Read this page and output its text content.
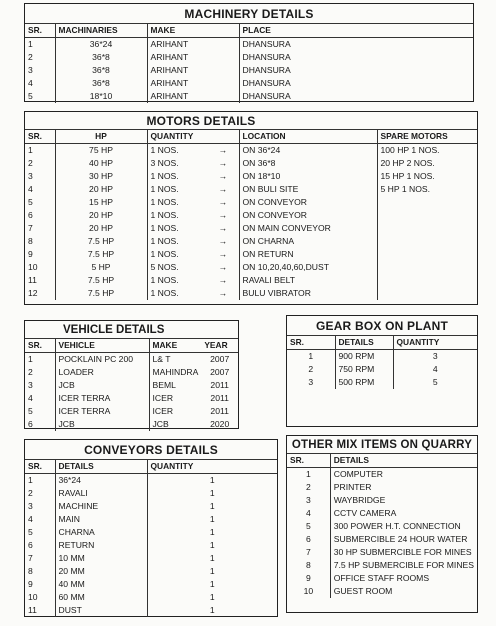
MACHINERY DETAILS
SR.	MACHINARIES	MAKE	PLACE
1	36*24	ARIHANT	DHANSURA
2	36*8	ARIHANT	DHANSURA
3	36*8	ARIHANT	DHANSURA
4	36*8	ARIHANT	DHANSURA
5	18*10	ARIHANT	DHANSURA
MOTORS DETAILS
SR.	HP	QUANTITY		LOCATION	SPARE MOTORS
1	75 HP	1 NOS.	→	ON 36*24	100 HP 1 NOS.
2	40 HP	3 NOS.	→	ON 36*8	20 HP 2 NOS.
3	30 HP	1 NOS.	→	ON 18*10	15 HP 1 NOS.
4	20 HP	1 NOS.	→	ON BULI SITE	5 HP 1 NOS.
5	15 HP	1 NOS.	→	ON CONVEYOR	
6	20 HP	1 NOS.	→	ON CONVEYOR	
7	20 HP	1 NOS.	→	ON MAIN CONVEYOR	
8	7.5 HP	1 NOS.	→	ON CHARNA	
9	7.5 HP	1 NOS.	→	ON RETURN	
10	5 HP	5 NOS.	→	ON 10,20,40,60,DUST	
11	7.5 HP	1 NOS.	→	RAVALI BELT	
12	7.5 HP	1 NOS.	→	BULU VIBRATOR	
VEHICLE DETAILS			
SR.	VEHICLE	MAKE	YEAR
1	POCKLAIN PC 200	L& T	2007
2	LOADER	MAHINDRA	2007
3	JCB	BEML	2011
4	ICER TERRA	ICER	2011
5	ICER TERRA	ICER	2011
6	JCB	JCB	2020
GEAR BOX ON PLANT
SR.	DETAILS	QUANTITY
1	900 RPM	3
2	750 RPM	4
3	500 RPM	5
CONVEYORS DETAILS
SR.	DETAILS	QUANTITY
1	36*24	1
2	RAVALI	1
3	MACHINE	1
4	MAIN	1
5	CHARNA	1
6	RETURN	1
7	10 MM	1
8	20 MM	1
9	40 MM	1
10	60 MM	1
11	DUST	1
OTHER MIX ITEMS ON QUARRY
SR.	DETAILS
1	COMPUTER
2	PRINTER
3	WAYBRIDGE
4	CCTV CAMERA
5	300 POWER H.T. CONNECTION
6	SUBMERCIBLE 24 HOUR WATER
7	30 HP SUBMERCIBLE FOR MINES
8	7.5 HP SUBMERCIBLE FOR MINES
9	OFFICE STAFF ROOMS
10	GUEST ROOM
